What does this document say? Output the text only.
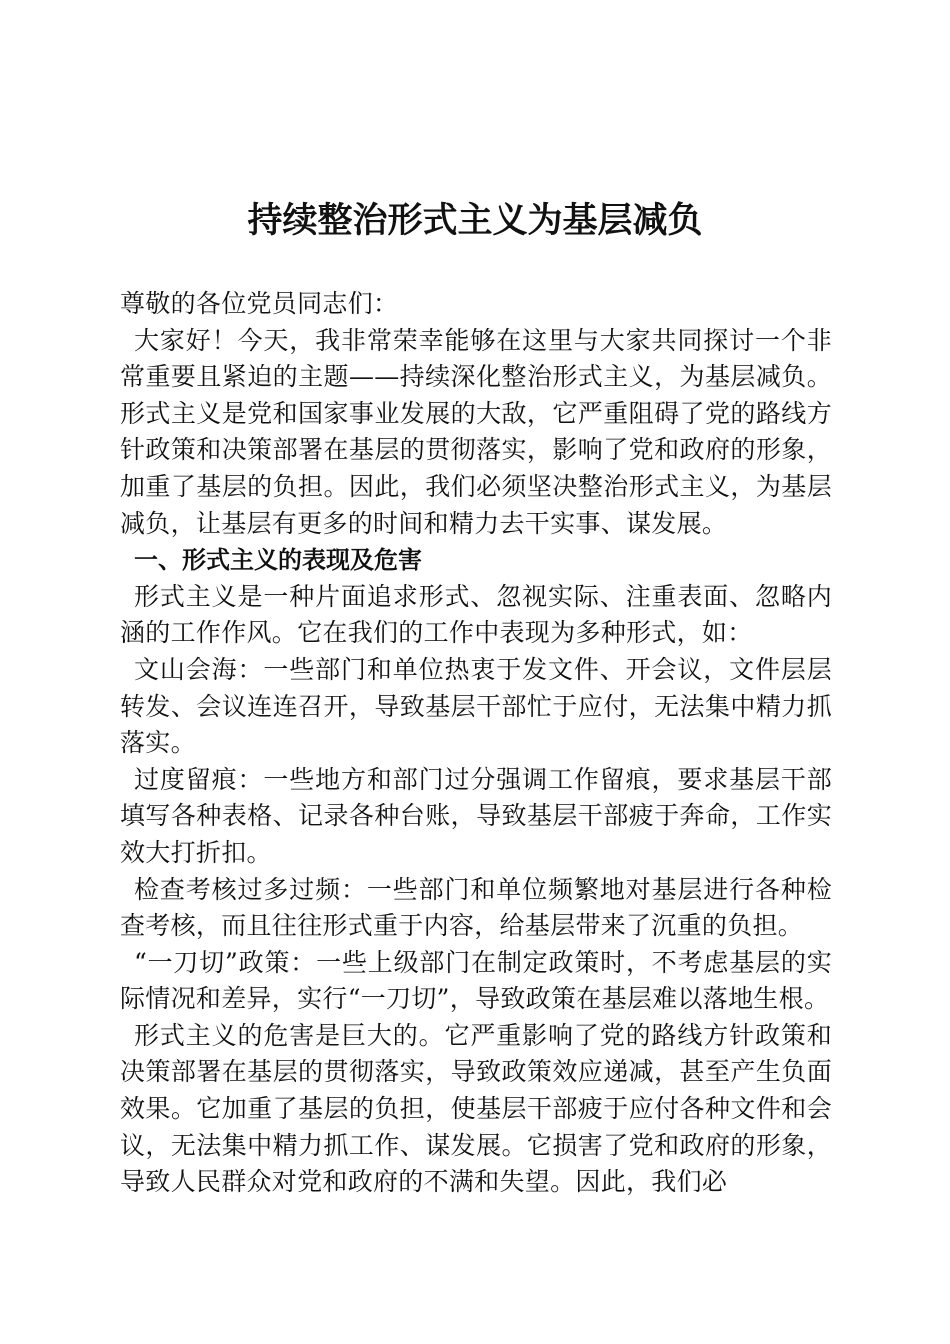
持续整治形式主义为基层减负

尊敬的各位党员同志们：

大家好！今天，我非常荣幸能够在这里与大家共同探讨一个非常重要且紧迫的主题——持续深化整治形式主义，为基层减负。形式主义是党和国家事业发展的大敌，它严重阻碍了党的路线方针政策和决策部署在基层的贯彻落实，影响了党和政府的形象，加重了基层的负担。因此，我们必须坚决整治形式主义，为基层减负，让基层有更多的时间和精力去干实事、谋发展。

一、形式主义的表现及危害

形式主义是一种片面追求形式、忽视实际、注重表面、忽略内涵的工作作风。它在我们的工作中表现为多种形式，如：

文山会海：一些部门和单位热衷于发文件、开会议，文件层层转发、会议连连召开，导致基层干部忙于应付，无法集中精力抓落实。

过度留痕：一些地方和部门过分强调工作留痕，要求基层干部填写各种表格、记录各种台账，导致基层干部疲于奔命，工作实效大打折扣。

检查考核过多过频：一些部门和单位频繁地对基层进行各种检查考核，而且往往形式重于内容，给基层带来了沉重的负担。

“一刀切”政策：一些上级部门在制定政策时，不考虑基层的实际情况和差异，实行“一刀切”，导致政策在基层难以落地生根。

形式主义的危害是巨大的。它严重影响了党的路线方针政策和决策部署在基层的贯彻落实，导致政策效应递减，甚至产生负面效果。它加重了基层的负担，使基层干部疲于应付各种文件和会议，无法集中精力抓工作、谋发展。它损害了党和政府的形象，导致人民群众对党和政府的不满和失望。因此，我们必
